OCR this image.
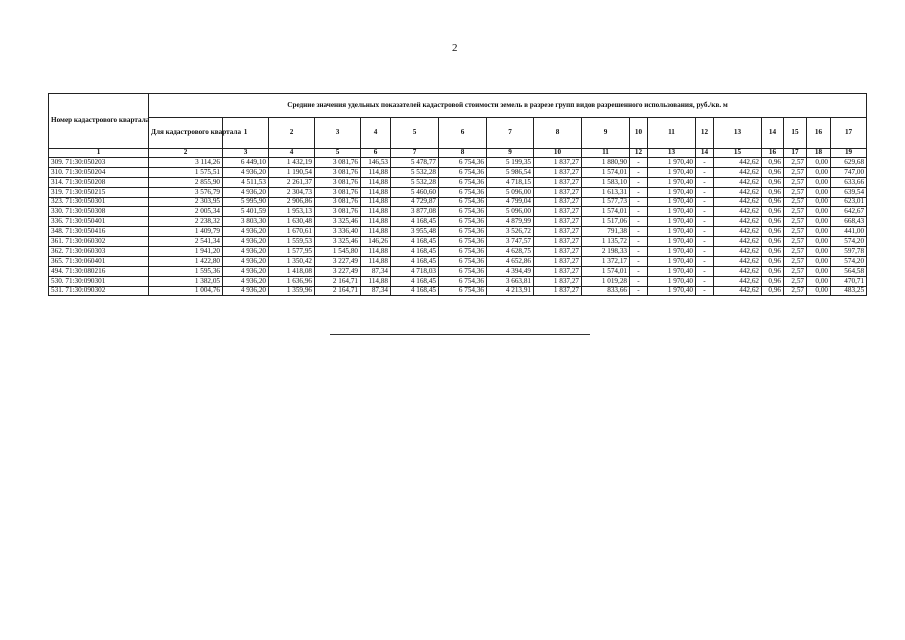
2
Номер кадастрового квартала	Средние значения удельных показателей кадастровой стоимости земель в разрезе групп видов разрешенного использования, руб./кв. м																	
	Для кадастрового квартала	1	2	3	4	5	6	7	8	9	10	11	12	13	14	15	16	17
1	2	3	4	5	6	7	8	9	10	11	12	13	14	15	16	17	18	19
309. 71:30:050203	3 114,26	6 449,10	1 432,19	3 081,76	146,53	5 478,77	6 754,36	5 199,35	1 837,27	1 880,90	-	1 970,40	-	442,62	0,96	2,57	0,00	629,68
310. 71:30:050204	1 575,51	4 936,20	1 190,54	3 081,76	114,88	5 532,28	6 754,36	5 986,54	1 837,27	1 574,01	-	1 970,40	-	442,62	0,96	2,57	0,00	747,00
314. 71:30:050208	2 855,90	4 511,53	2 261,37	3 081,76	114,88	5 532,28	6 754,36	4 718,15	1 837,27	1 583,10	-	1 970,40	-	442,62	0,96	2,57	0,00	633,66
319. 71:30:050215	3 576,79	4 936,20	2 304,73	3 081,76	114,88	5 460,60	6 754,36	5 096,00	1 837,27	1 613,31	-	1 970,40	-	442,62	0,96	2,57	0,00	639,54
323. 71:30:050301	2 303,95	5 995,90	2 906,86	3 081,76	114,88	4 729,87	6 754,36	4 799,04	1 837,27	1 577,73	-	1 970,40	-	442,62	0,96	2,57	0,00	623,01
330. 71:30:050308	2 005,34	5 401,59	1 953,13	3 081,76	114,88	3 877,08	6 754,36	5 096,00	1 837,27	1 574,01	-	1 970,40	-	442,62	0,96	2,57	0,00	642,67
336. 71:30:050401	2 238,32	3 803,30	1 630,48	3 325,46	114,88	4 168,45	6 754,36	4 879,99	1 837,27	1 517,06	-	1 970,40	-	442,62	0,96	2,57	0,00	668,43
348. 71:30:050416	1 409,79	4 936,20	1 670,61	3 336,40	114,88	3 955,48	6 754,36	3 526,72	1 837,27	791,38	-	1 970,40	-	442,62	0,96	2,57	0,00	441,00
361. 71:30:060302	2 541,34	4 936,20	1 559,53	3 325,46	146,26	4 168,45	6 754,36	3 747,57	1 837,27	1 135,72	-	1 970,40	-	442,62	0,96	2,57	0,00	574,20
362. 71:30:060303	1 941,20	4 936,20	1 577,95	1 545,80	114,88	4 168,45	6 754,36	4 628,75	1 837,27	2 198,33	-	1 970,40	-	442,62	0,96	2,57	0,00	597,78
365. 71:30:060401	1 422,80	4 936,20	1 350,42	3 227,49	114,88	4 168,45	6 754,36	4 652,86	1 837,27	1 372,17	-	1 970,40	-	442,62	0,96	2,57	0,00	574,20
494. 71:30:080216	1 595,36	4 936,20	1 418,08	3 227,49	87,34	4 718,03	6 754,36	4 394,49	1 837,27	1 574,01	-	1 970,40	-	442,62	0,96	2,57	0,00	564,58
530. 71:30:090301	1 382,05	4 936,20	1 636,96	2 164,71	114,88	4 168,45	6 754,36	3 663,81	1 837,27	1 019,28	-	1 970,40	-	442,62	0,96	2,57	0,00	470,71
531. 71:30:090302	1 004,76	4 936,20	1 359,96	2 164,71	87,34	4 168,45	6 754,36	4 213,91	1 837,27	833,66	-	1 970,40	-	442,62	0,96	2,57	0,00	483,25
